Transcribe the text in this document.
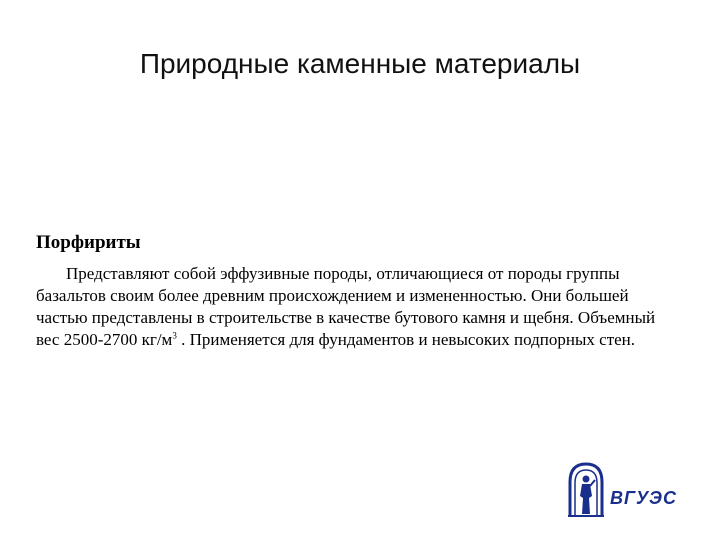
Природные каменные материалы
Порфириты

Представляют собой эффузивные породы, отличающиеся от породы группы базальтов своим более древним происхождением и измененностью. Они большей частью представлены в строительстве в качестве бутового камня и щебня. Объемный вес 2500-2700 $кг/м^3$ . Применяется для фундаментов и невысоких подпорных стен.

ВГУЭС
